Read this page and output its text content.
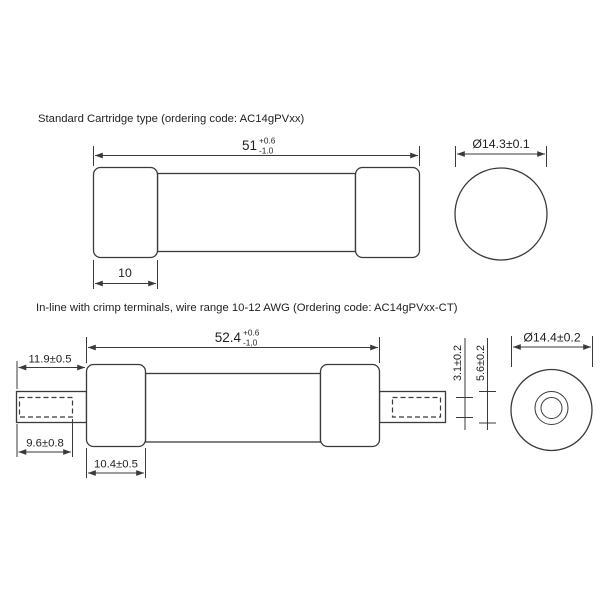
Standard Cartridge type (ordering code: AC14gPVxx)
51 +0.6
-1.0
10
Ø14.3±0.1
In-line with crimp terminals, wire range 10-12 AWG (Ordering code: AC14gPVxx-CT)
52.4 +0.6
-1,0
11.9±0.5
9.6±0.8
10.4±0.5
3.1±0.2 5.6±0.2
Ø14.4±0.2
